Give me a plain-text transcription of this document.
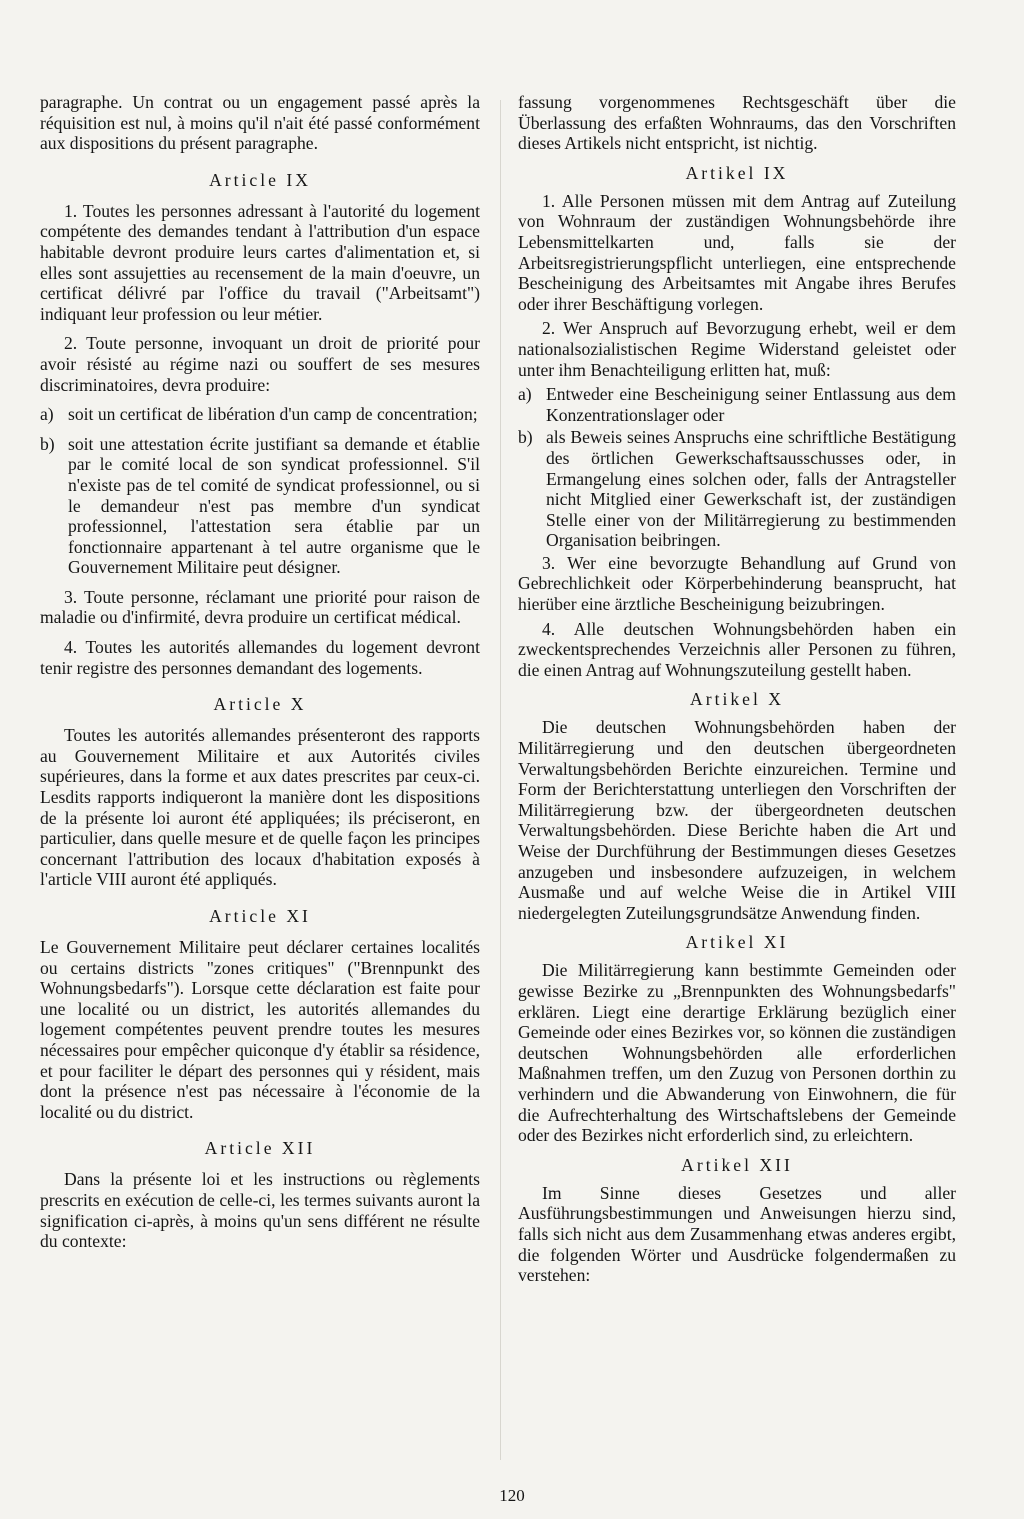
paragraphe. Un contrat ou un engagement passé après la réquisition est nul, à moins qu'il n'ait été passé conformément aux dispositions du présent paragraphe.

Article IX

1. Toutes les personnes adressant à l'autorité du logement compétente des demandes tendant à l'attribution d'un espace habitable devront produire leurs cartes d'alimentation et, si elles sont assujetties au recensement de la main d'oeuvre, un certificat délivré par l'office du travail ("Arbeitsamt") indiquant leur profession ou leur métier.

2. Toute personne, invoquant un droit de priorité pour avoir résisté au régime nazi ou souffert de ses mesures discriminatoires, devra produire:

a) soit un certificat de libération d'un camp de concentration;

b) soit une attestation écrite justifiant sa demande et établie par le comité local de son syndicat professionnel. S'il n'existe pas de tel comité de syndicat professionnel, ou si le demandeur n'est pas membre d'un syndicat professionnel, l'attestation sera établie par un fonctionnaire appartenant à tel autre organisme que le Gouvernement Militaire peut désigner.

3. Toute personne, réclamant une priorité pour raison de maladie ou d'infirmité, devra produire un certificat médical.

4. Toutes les autorités allemandes du logement devront tenir registre des personnes demandant des logements.

Article X

Toutes les autorités allemandes présenteront des rapports au Gouvernement Militaire et aux Autorités civiles supérieures, dans la forme et aux dates prescrites par ceux-ci. Lesdits rapports indiqueront la manière dont les dispositions de la présente loi auront été appliquées; ils préciseront, en particulier, dans quelle mesure et de quelle façon les principes concernant l'attribution des locaux d'habitation exposés à l'article VIII auront été appliqués.

Article XI

Le Gouvernement Militaire peut déclarer certaines localités ou certains districts "zones critiques" ("Brennpunkt des Wohnungsbedarfs"). Lorsque cette déclaration est faite pour une localité ou un district, les autorités allemandes du logement compétentes peuvent prendre toutes les mesures nécessaires pour empêcher quiconque d'y établir sa résidence, et pour faciliter le départ des personnes qui y résident, mais dont la présence n'est pas nécessaire à l'économie de la localité ou du district.

Article XII

Dans la présente loi et les instructions ou règlements prescrits en exécution de celle-ci, les termes suivants auront la signification ci-après, à moins qu'un sens différent ne résulte du contexte:

fassung vorgenommenes Rechtsgeschäft über die Überlassung des erfaßten Wohnraums, das den Vorschriften dieses Artikels nicht entspricht, ist nichtig.

Artikel IX

1. Alle Personen müssen mit dem Antrag auf Zuteilung von Wohnraum der zuständigen Wohnungsbehörde ihre Lebensmittelkarten und, falls sie der Arbeitsregistrierungspflicht unterliegen, eine entsprechende Bescheinigung des Arbeitsamtes mit Angabe ihres Berufes oder ihrer Beschäftigung vorlegen.

2. Wer Anspruch auf Bevorzugung erhebt, weil er dem nationalsozialistischen Regime Widerstand geleistet oder unter ihm Benachteiligung erlitten hat, muß:

a) Entweder eine Bescheinigung seiner Entlassung aus dem Konzentrationslager oder

b) als Beweis seines Anspruchs eine schriftliche Bestätigung des örtlichen Gewerkschaftsausschusses oder, in Ermangelung eines solchen oder, falls der Antragsteller nicht Mitglied einer Gewerkschaft ist, der zuständigen Stelle einer von der Militärregierung zu bestimmenden Organisation beibringen.

3. Wer eine bevorzugte Behandlung auf Grund von Gebrechlichkeit oder Körperbehinderung beansprucht, hat hierüber eine ärztliche Bescheinigung beizubringen.

4. Alle deutschen Wohnungsbehörden haben ein zweckentsprechendes Verzeichnis aller Personen zu führen, die einen Antrag auf Wohnungszuteilung gestellt haben.

Artikel X

Die deutschen Wohnungsbehörden haben der Militärregierung und den deutschen übergeordneten Verwaltungsbehörden Berichte einzureichen. Termine und Form der Berichterstattung unterliegen den Vorschriften der Militärregierung bzw. der übergeordneten deutschen Verwaltungsbehörden. Diese Berichte haben die Art und Weise der Durchführung der Bestimmungen dieses Gesetzes anzugeben und insbesondere aufzuzeigen, in welchem Ausmaße und auf welche Weise die in Artikel VIII niedergelegten Zuteilungsgrundsätze Anwendung finden.

Artikel XI

Die Militärregierung kann bestimmte Gemeinden oder gewisse Bezirke zu „Brennpunkten des Wohnungsbedarfs" erklären. Liegt eine derartige Erklärung bezüglich einer Gemeinde oder eines Bezirkes vor, so können die zuständigen deutschen Wohnungsbehörden alle erforderlichen Maßnahmen treffen, um den Zuzug von Personen dorthin zu verhindern und die Abwanderung von Einwohnern, die für die Aufrechterhaltung des Wirtschaftslebens der Gemeinde oder des Bezirkes nicht erforderlich sind, zu erleichtern.

Artikel XII

Im Sinne dieses Gesetzes und aller Ausführungsbestimmungen und Anweisungen hierzu sind, falls sich nicht aus dem Zusammenhang etwas anderes ergibt, die folgenden Wörter und Ausdrücke folgendermaßen zu verstehen:

120
